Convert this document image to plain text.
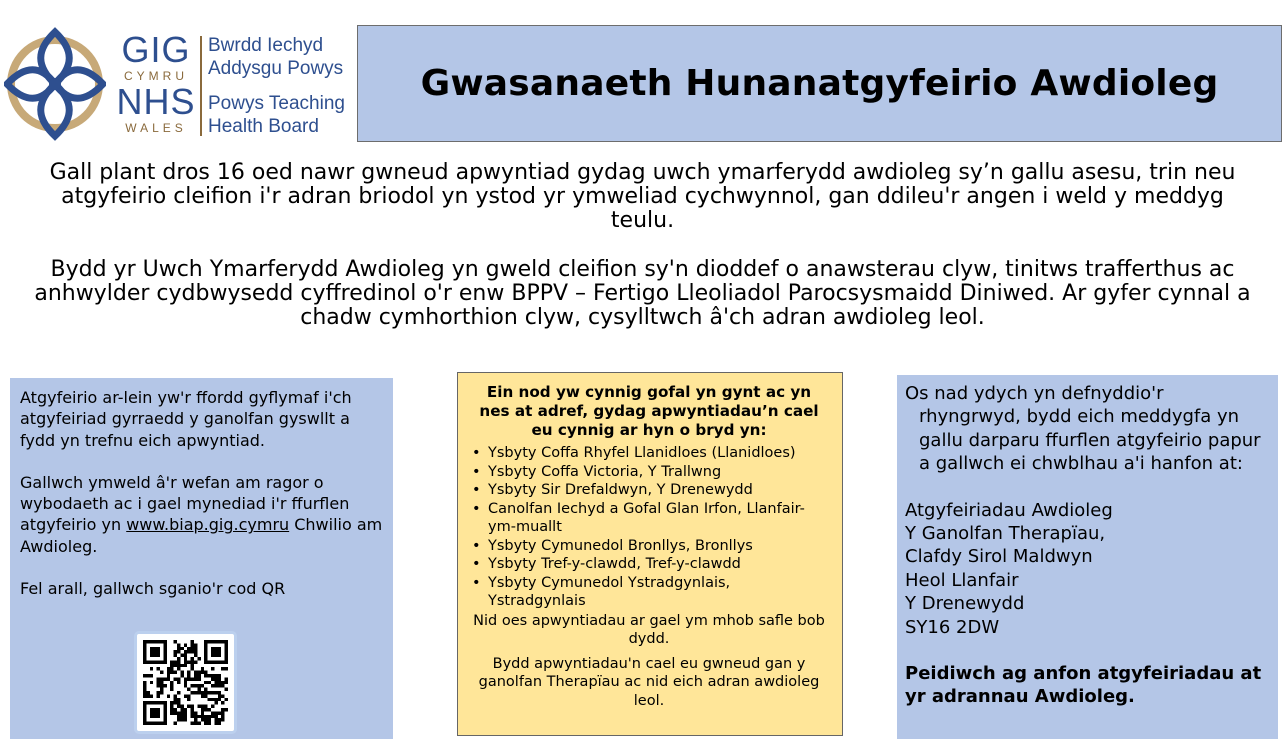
GIG
CYMRU
NHS
WALES
Bwrdd Iechyd
Addysgu Powys
Powys Teaching
Health Board
Gwasanaeth Hunanatgyfeirio Awdioleg

Gall plant dros 16 oed nawr gwneud apwyntiad gydag uwch ymarferydd awdioleg sy’n gallu asesu, trin neu atgyfeirio cleifion i'r adran briodol yn ystod yr ymweliad cychwynnol, gan ddileu'r angen i weld y meddyg teulu.

Bydd yr Uwch Ymarferydd Awdioleg yn gweld cleifion sy'n dioddef o anawsterau clyw, tinitws trafferthus ac anhwylder cydbwysedd cyffredinol o'r enw BPPV – Fertigo Lleoliadol Parocsysmaidd Diniwed. Ar gyfer cynnal a chadw cymhorthion clyw, cysylltwch â'ch adran awdioleg leol.

Atgyfeirio ar-lein yw'r ffordd gyflymaf i'ch atgyfeiriad gyrraedd y ganolfan gyswllt a fydd yn trefnu eich apwyntiad.

Gallwch ymweld â'r wefan am ragor o wybodaeth ac i gael mynediad i'r ffurflen atgyfeirio yn www.biap.gig.cymru Chwilio am Awdioleg.

Fel arall, gallwch sganio'r cod QR

Ein nod yw cynnig gofal yn gynt ac yn nes at adref, gydag apwyntiadau’n cael eu cynnig ar hyn o bryd yn:
• Ysbyty Coffa Rhyfel Llanidloes (Llanidloes)
• Ysbyty Coffa Victoria, Y Trallwng
• Ysbyty Sir Drefaldwyn, Y Drenewydd
• Canolfan Iechyd a Gofal Glan Irfon, Llanfair-ym-muallt
• Ysbyty Cymunedol Bronllys, Bronllys
• Ysbyty Tref-y-clawdd, Tref-y-clawdd
• Ysbyty Cymunedol Ystradgynlais, Ystradgynlais

Nid oes apwyntiadau ar gael ym mhob safle bob dydd.

Bydd apwyntiadau'n cael eu gwneud gan y ganolfan Therapïau ac nid eich adran awdioleg leol.

Os nad ydych yn defnyddio'r rhyngrwyd, bydd eich meddygfa yn gallu darparu ffurflen atgyfeirio papur a gallwch ei chwblhau a'i hanfon at:

Atgyfeiriadau Awdioleg
Y Ganolfan Therapïau,
Clafdy Sirol Maldwyn
Heol Llanfair
Y Drenewydd
SY16 2DW

Peidiwch ag anfon atgyfeiriadau at yr adrannau Awdioleg.
